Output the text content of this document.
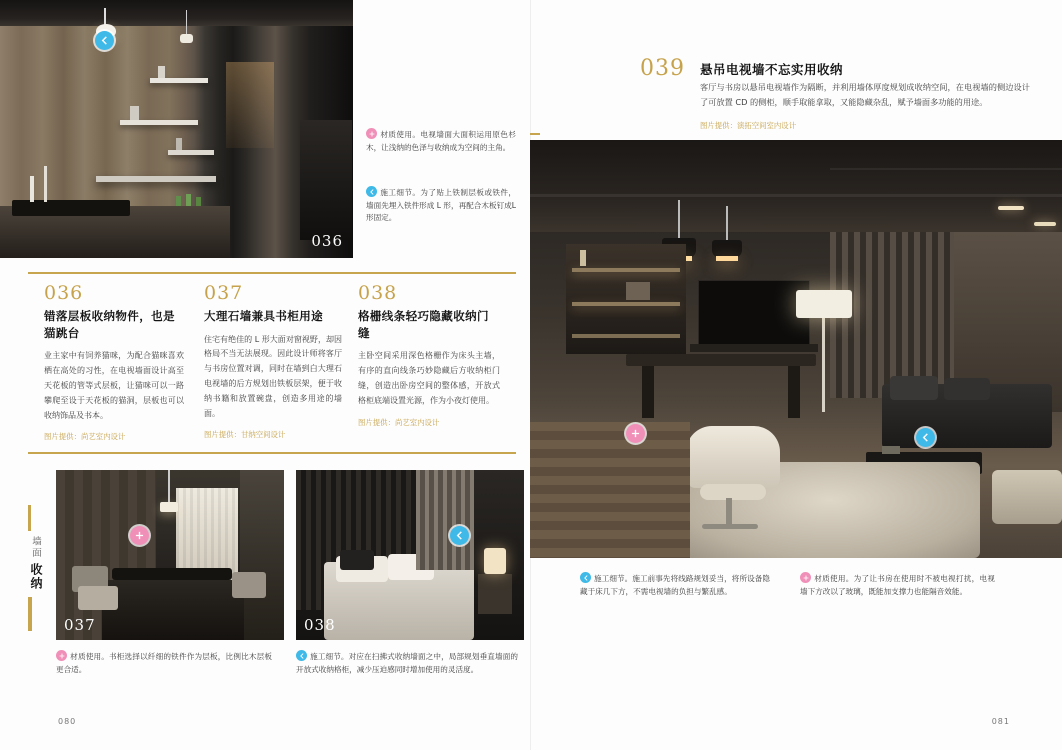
036
材质使用。电视墙面大面积运用原色杉木，让浅纳的色泽与收纳成为空间的主角。
施工细节。为了贴上铁制层板或铁件，墙面先埋入铁件形成 L 形，再配合木板钉成L形固定。
036
错落层板收纳物件，也是猫跳台
业主家中有饲养猫咪，为配合猫咪喜欢栖在高处的习性，在电视墙面设计高至天花板的管等式层板，让猫咪可以一路攀爬至设于天花板的猫洞，层板也可以收纳饰品及书本。
图片提供：尚艺室内设计
037
大理石墙兼具书柜用途
住宅有绝佳的 L 形大面对窗视野，却因格局不当无法展现。因此设计师将客厅与书房位置对调，同时在墙到白大理石电视墙的后方规划出铁板层架，便于收纳书籍和放置碗盘，创造多用途的墙面。
图片提供：甘纳空间设计
038
格栅线条轻巧隐藏收纳门缝
主卧空间采用深色格栅作为床头主墙，有序的直向线条巧妙隐藏后方收纳柜门缝，创造出卧房空间的整体感，开放式格柜底端设置光源，作为小夜灯使用。
图片提供：尚艺室内设计
墙面
收纳
037	038
材质使用。书柜选择以纤细的铁件作为层板，比例比木层板更合适。
施工细节。对应在扫拂式收纳墙面之中，局部规划垂直墙面的开放式收纳格柜，减少压迫感同时增加使用的灵活度。
080
039 悬吊电视墙不忘实用收纳
客厅与书房以悬吊电视墙作为隔断，并利用墙体厚度规划成收纳空间，在电视墙的侧边设计了可放置 CD 的侧柜，顺手取能拿取，又能隐藏杂乱，赋予墙面多功能的用途。
图片提供：演拓空间室内设计
施工细节。施工前事先将线路规划妥当，将所设备隐藏于床几下方，不需电视墙的负担与繁乱感。
材质使用。为了让书房在使用时不被电视打扰，电视墙下方改以了玻璃，既能加支撑力也能隔音效能。
081
